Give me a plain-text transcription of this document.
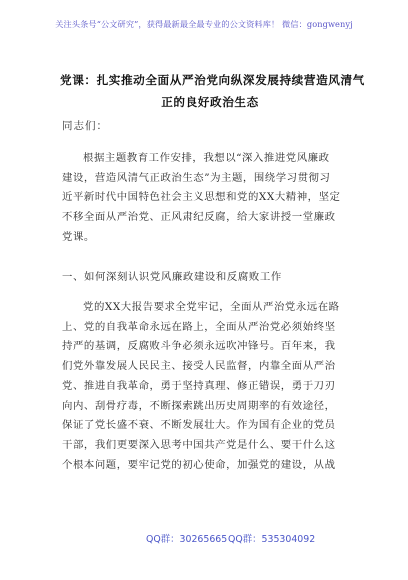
关注头条号“公文研究”，获得最新最全最专业的公文资料库！ 微信：gongwenyj
党课：扎实推动全面从严治党向纵深发展持续营造风清气
正的良好政治生态
同志们：
根据主题教育工作安排，我想以“深入推进党风廉政
建设，营造风清气正政治生态”为主题，围绕学习贯彻习
近平新时代中国特色社会主义思想和党的XX大精神，坚定
不移全面从严治党、正风肃纪反腐，给大家讲授一堂廉政
党课。
一、如何深刻认识党风廉政建设和反腐败工作
党的XX大报告要求全党牢记，全面从严治党永远在路
上、党的自我革命永远在路上，全面从严治党必须始终坚
持严的基调，反腐败斗争必须永远吹冲锋号。百年来，我
们党外靠发展人民民主、接受人民监督，内靠全面从严治
党、推进自我革命，勇于坚持真理、修正错误，勇于刀刃
向内、刮骨疗毒，不断探索跳出历史周期率的有效途径，
保证了党长盛不衰、不断发展壮大。作为国有企业的党员
干部，我们更要深入思考中国共产党是什么、要干什么这
个根本问题，要牢记党的初心使命，加强党的建设，从战
QQ群：30265665 QQ群：535304092
